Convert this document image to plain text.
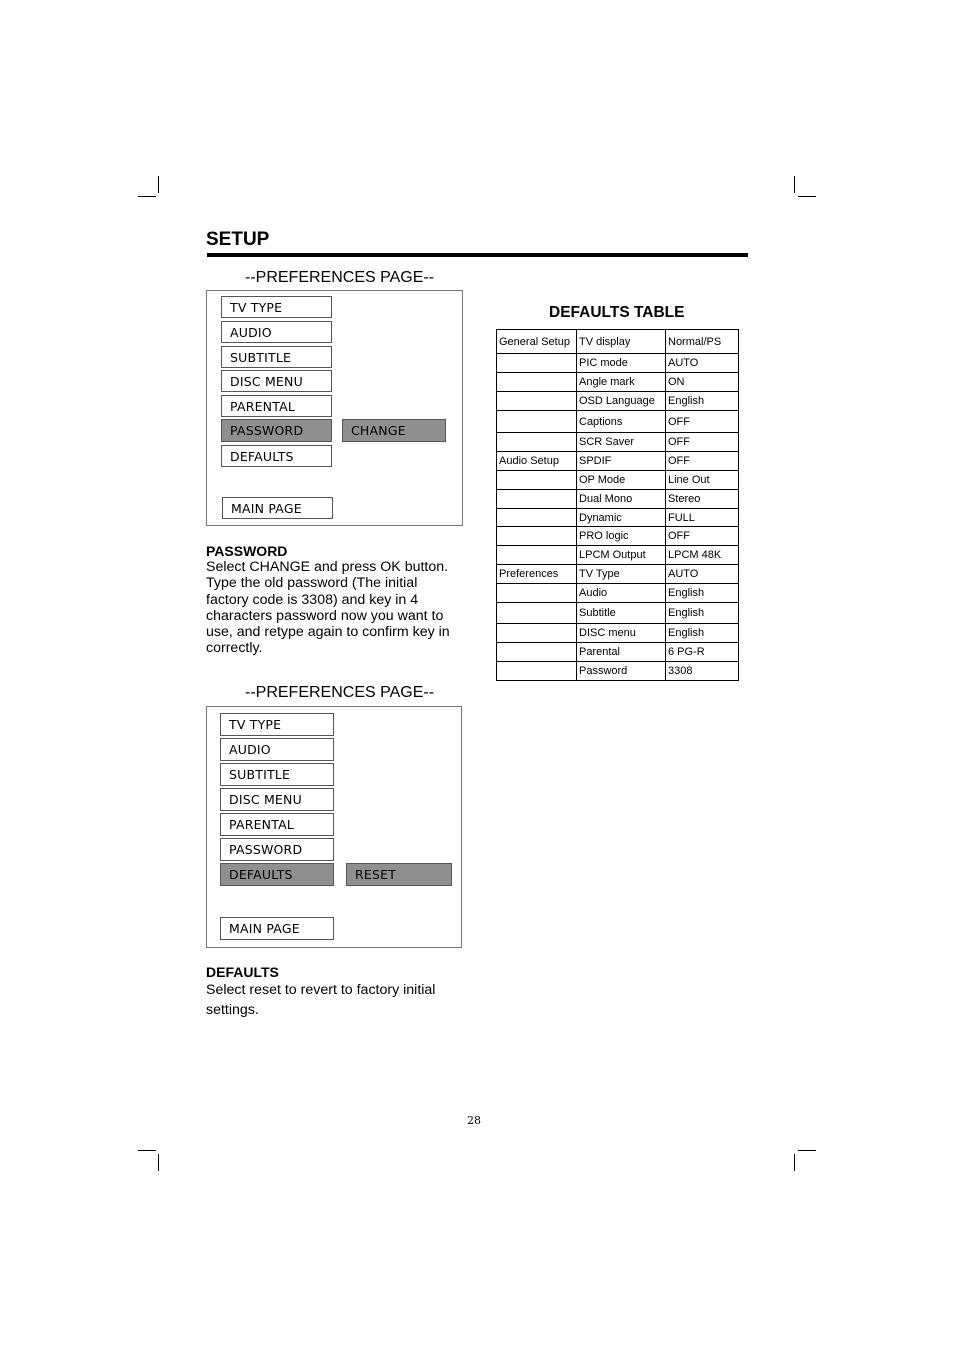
SETUP
--PREFERENCES PAGE--
TV TYPE
AUDIO
SUBTITLE
DISC MENU
PARENTAL
PASSWORD
DEFAULTS
CHANGE
MAIN PAGE
PASSWORD
Select CHANGE and press OK button.
Type the old password (The initial
factory code is 3308) and key in 4
characters password now you want to
use, and retype again to confirm key in
correctly.
--PREFERENCES PAGE--
TV TYPE
AUDIO
SUBTITLE
DISC MENU
PARENTAL
PASSWORD
DEFAULTS	RESET
MAIN PAGE
DEFAULTS
Select reset to revert to factory initial
settings.
DEFAULTS TABLE
General Setup	TV display	Normal/PS
	PIC mode	AUTO
	Angle mark	ON
	OSD Language	English
	Captions	OFF
	SCR Saver	OFF
Audio Setup	SPDIF	OFF
	OP Mode	Line Out
	Dual Mono	Stereo
	Dynamic	FULL
	PRO logic	OFF
	LPCM Output	LPCM 48K
Preferences	TV Type	AUTO
	Audio	English
	Subtitle	English
	DISC menu	English
	Parental	6 PG-R
	Password	3308
28
